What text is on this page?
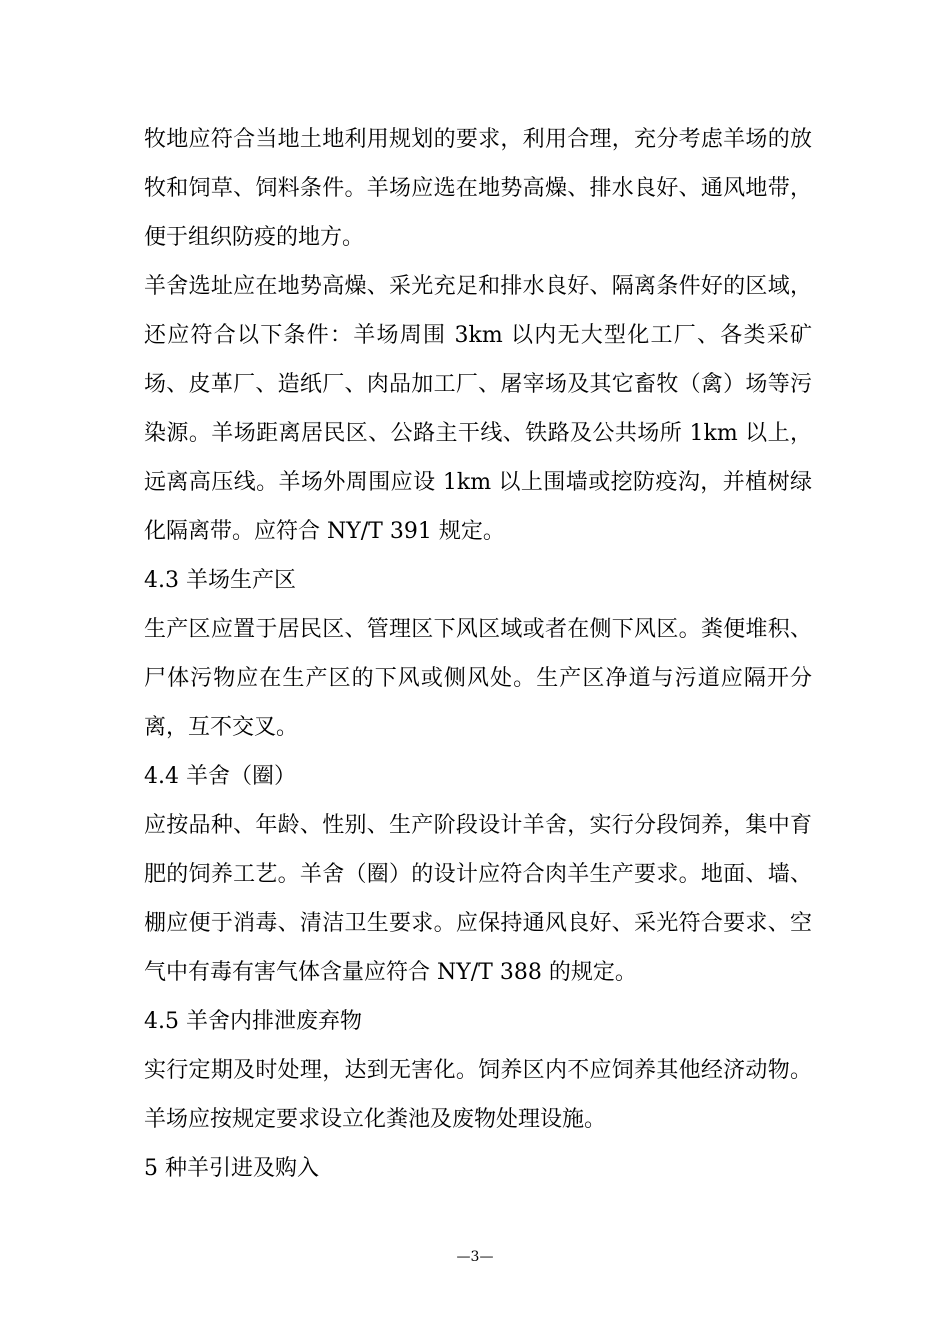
牧地应符合当地土地利用规划的要求，利用合理，充分考虑羊场的放牧和饲草、饲料条件。羊场应选在地势高燥、排水良好、通风地带，便于组织防疫的地方。

羊舍选址应在地势高燥、采光充足和排水良好、隔离条件好的区域，还应符合以下条件：羊场周围 3km 以内无大型化工厂、各类采矿场、皮革厂、造纸厂、肉品加工厂、屠宰场及其它畜牧（禽）场等污染源。羊场距离居民区、公路主干线、铁路及公共场所 1km 以上，远离高压线。羊场外周围应设 1km 以上围墙或挖防疫沟，并植树绿化隔离带。应符合 NY/T 391 规定。

4.3 羊场生产区

生产区应置于居民区、管理区下风区域或者在侧下风区。粪便堆积、尸体污物应在生产区的下风或侧风处。生产区净道与污道应隔开分离，互不交叉。

4.4 羊舍（圈）

应按品种、年龄、性别、生产阶段设计羊舍，实行分段饲养，集中育肥的饲养工艺。羊舍（圈）的设计应符合肉羊生产要求。地面、墙、棚应便于消毒、清洁卫生要求。应保持通风良好、采光符合要求、空气中有毒有害气体含量应符合 NY/T 388 的规定。

4.5 羊舍内排泄废弃物

实行定期及时处理，达到无害化。饲养区内不应饲养其他经济动物。羊场应按规定要求设立化粪池及废物处理设施。

5 种羊引进及购入

—3—
